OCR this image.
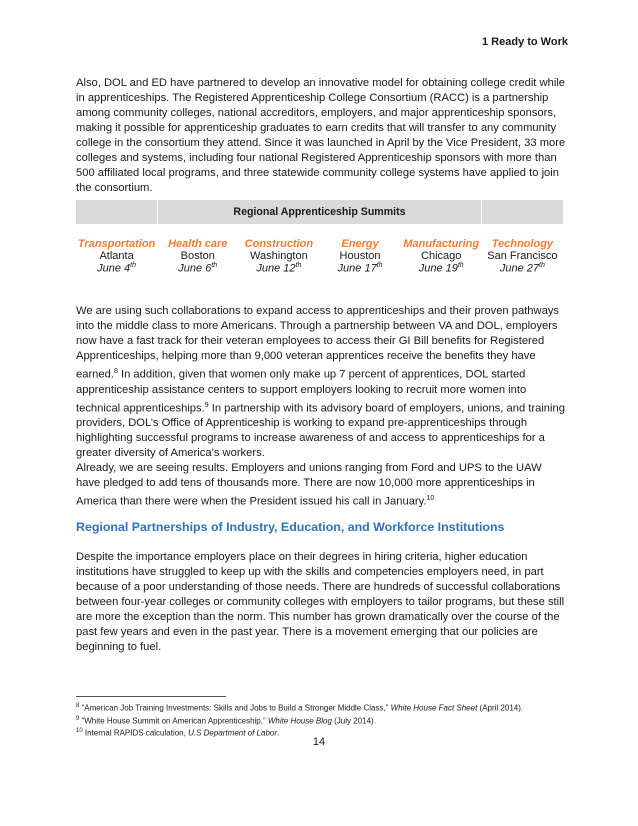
1 Ready to Work

Also, DOL and ED have partnered to develop an innovative model for obtaining college credit while in apprenticeships. The Registered Apprenticeship College Consortium (RACC) is a partnership among community colleges, national accreditors, employers, and major apprenticeship sponsors, making it possible for apprenticeship graduates to earn credits that will transfer to any community college in the consortium they attend. Since it was launched in April by the Vice President, 33 more colleges and systems, including four national Registered Apprenticeship sponsors with more than 500 affiliated local programs, and three statewide community college systems have applied to join the consortium.

	Regional Apprenticeship Summits				
Transportation	Health care	Construction	Energy	Manufacturing	Technology
Atlanta	Boston	Washington	Houston	Chicago	San Francisco
June 4th	June 6th	June 12th	June 17th	June 19th	June 27th

We are using such collaborations to expand access to apprenticeships and their proven pathways into the middle class to more Americans. Through a partnership between VA and DOL, employers now have a fast track for their veteran employees to access their GI Bill benefits for Registered Apprenticeships, helping more than 9,000 veteran apprentices receive the benefits they have earned.$^8$ In addition, given that women only make up 7 percent of apprentices, DOL started apprenticeship assistance centers to support employers looking to recruit more women into technical apprenticeships.$^9$ In partnership with its advisory board of employers, unions, and training providers, DOL’s Office of Apprenticeship is working to expand pre-apprenticeships through highlighting successful programs to increase awareness of and access to apprenticeships for a greater diversity of America’s workers.

Already, we are seeing results. Employers and unions ranging from Ford and UPS to the UAW have pledged to add tens of thousands more. There are now 10,000 more apprenticeships in America than there were when the President issued his call in January.$^{10}$

Regional Partnerships of Industry, Education, and Workforce Institutions

Despite the importance employers place on their degrees in hiring criteria, higher education institutions have struggled to keep up with the skills and competencies employers need, in part because of a poor understanding of those needs. There are hundreds of successful collaborations between four-year colleges or community colleges with employers to tailor programs, but these still are more the exception than the norm. This number has grown dramatically over the course of the past few years and even in the past year. There is a movement emerging that our policies are beginning to fuel.

$^8$ “American Job Training Investments: Skills and Jobs to Build a Stronger Middle Class,” White House Fact Sheet (April 2014).
$^9$ “White House Summit on American Apprenticeship,” White House Blog (July 2014).
$^{10}$ Internal RAPIDS calculation, U.S Department of Labor.
14
